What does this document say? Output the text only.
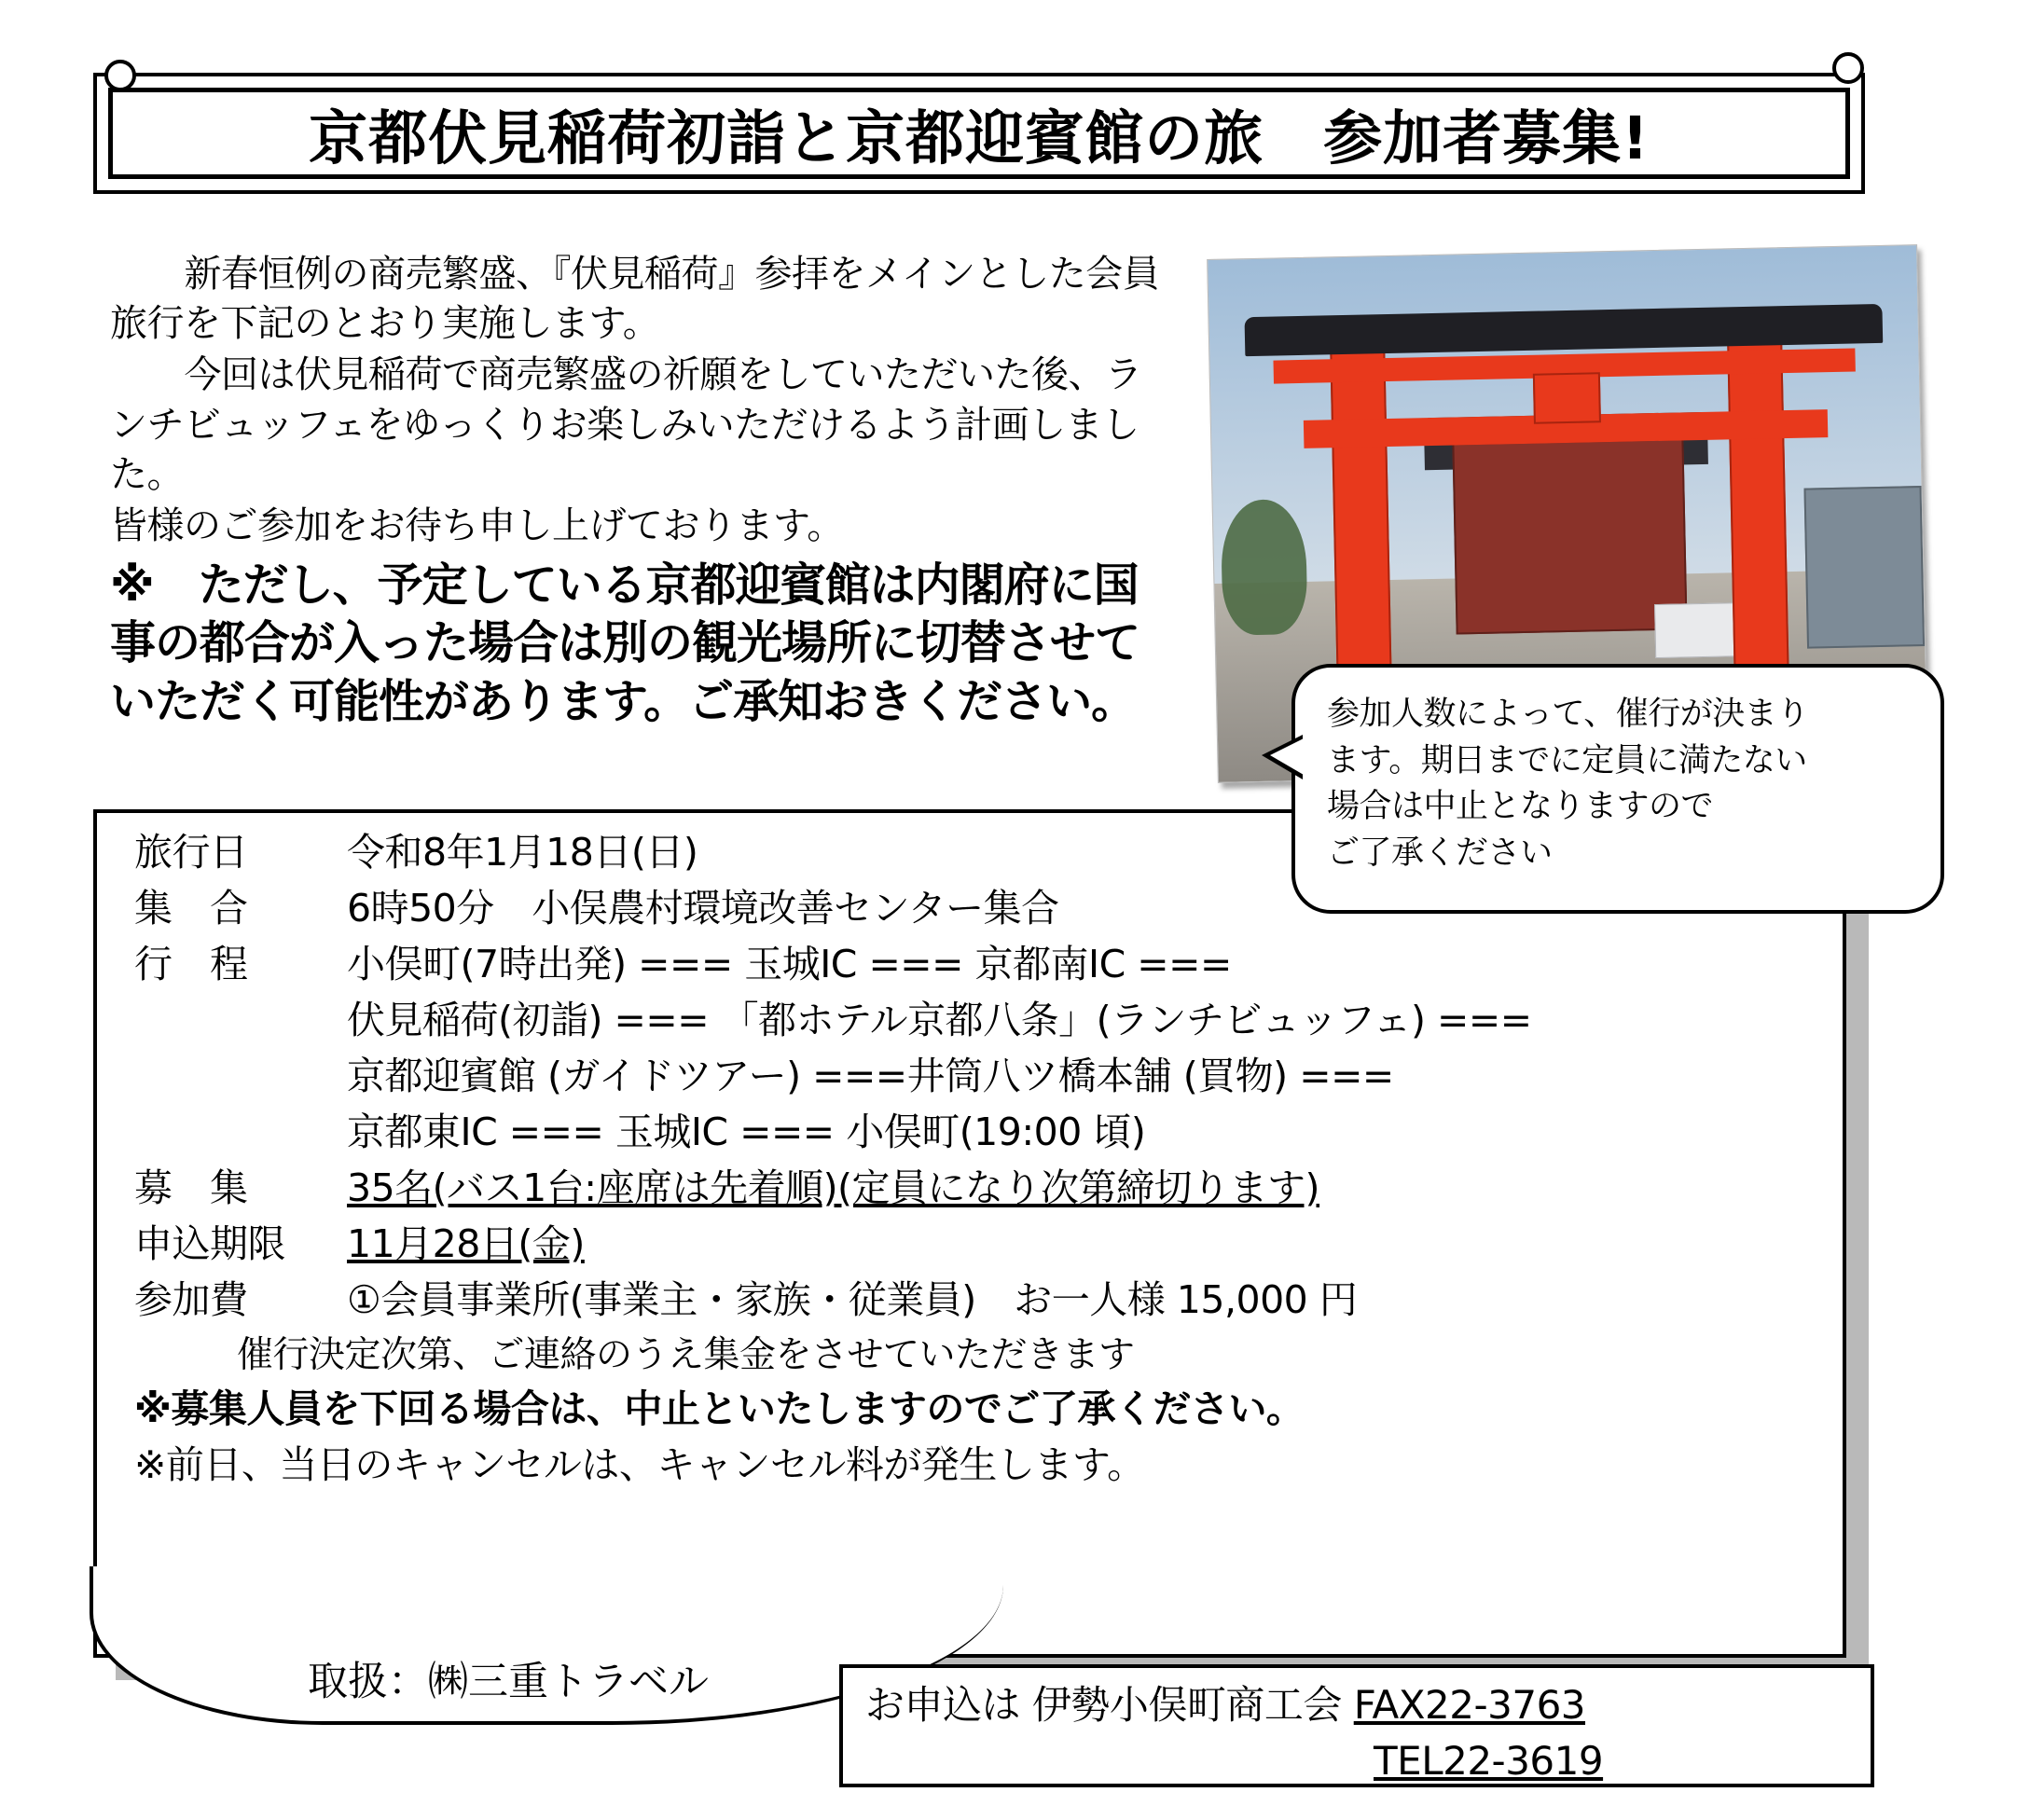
京都伏見稲荷初詣と京都迎賓館の旅　参加者募集!

　新春恒例の商売繁盛、『伏見稲荷』参拝をメインとした会員旅行を下記のとおり実施します。

　今回は伏見稲荷で商売繁盛の祈願をしていただいた後、ランチビュッフェをゆっくりお楽しみいただけるよう計画しました。

皆様のご参加をお待ち申し上げております。

※　ただし、予定している京都迎賓館は内閣府に国事の都合が入った場合は別の観光場所に切替させていただく可能性があります。ご承知おきください。	参加人数によって、催行が決まり

ます。期日までに定員に満たない

場合は中止となりますので

ご了承ください

旅行日	令和8年1月18日(日)
集　合	6時50分　小俣農村環境改善センター集合
行　程	小俣町(7時出発) === 玉城IC === 京都南IC ===
伏見稲荷(初詣) === 「都ホテル京都八条」(ランチビュッフェ) ===
京都迎賓館 (ガイドツアー) ===井筒八ツ橋本舗 (買物) ===
京都東IC === 玉城IC === 小俣町(19:00 頃)
募　集	35名(バス1台:座席は先着順)(定員になり次第締切ります)
申込期限	11月28日(金)
参加費	①会員事業所(事業主・家族・従業員)　お一人様 15,000 円
催行決定次第、ご連絡のうえ集金をさせていただきます
※募集人員を下回る場合は、中止といたしますのでご了承ください。
※前日、当日のキャンセルは、キャンセル料が発生します。
取扱：㈱三重トラベル	お申込は 伊勢小俣町商工会 FAX22-3763
TEL22-3619
